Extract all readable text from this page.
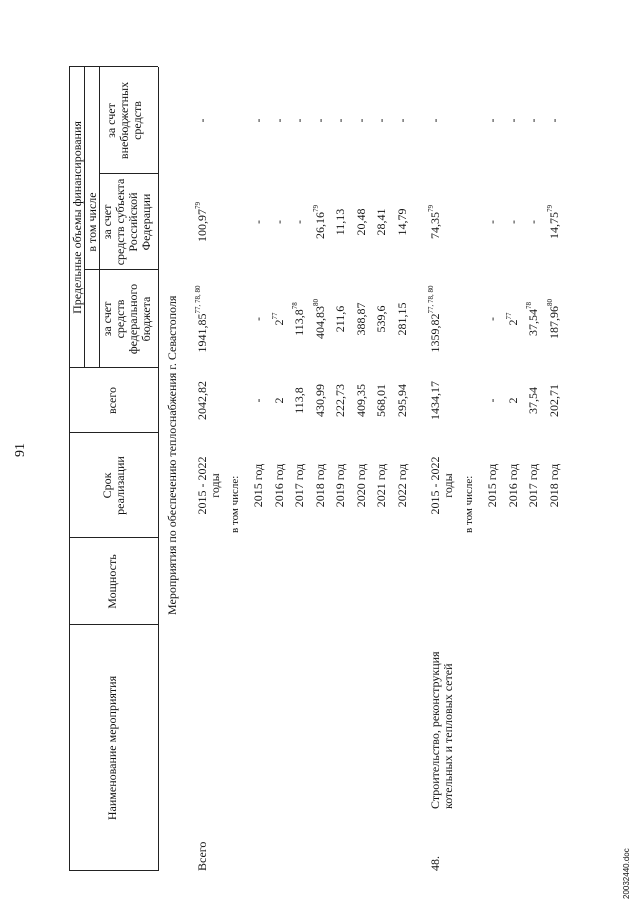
91
Наименование мероприятия
Мощность
Срок реализации
Предельные объемы финансирования
всего
в том числе
за счет средств федерального бюджета
за счет средств субъекта Российской Федерации
за счет внебюджетных средств
Мероприятия по обеспечению теплоснабжения г. Севастополя
Всего
2015 - 2022 годы
2042,82
1941,85$^{77, 78, 80}$
100,97$^{79}$
-
в том числе: 2015 год
-
-
-
-
2016 год
2
$2^{77}$
-
-
2017 год
113,8
113,8$^{78}$
-
-
2018 год
430,99
404,83$^{80}$
26,16$^{79}$
-
2019 год
222,73
211,6
11,13
-
2020 год
409,35
388,87
20,48
-
2021 год
568,01
539,6
28,41
-
2022 год
295,94
281,15
14,79
-
48.
Строительство, реконструкция котельных и тепловых сетей
2015 - 2022 годы
1434,17
1359,82$^{77, 78, 80}$
74,35$^{79}$
-
в том числе: 2015 год
-
-
-
-
2016 год
2
$2^{77}$
-
-
2017 год
37,54
37,54$^{78}$
-
-
2018 год
202,71
187,96$^{80}$
14,75$^{79}$
-
20032440.doc
